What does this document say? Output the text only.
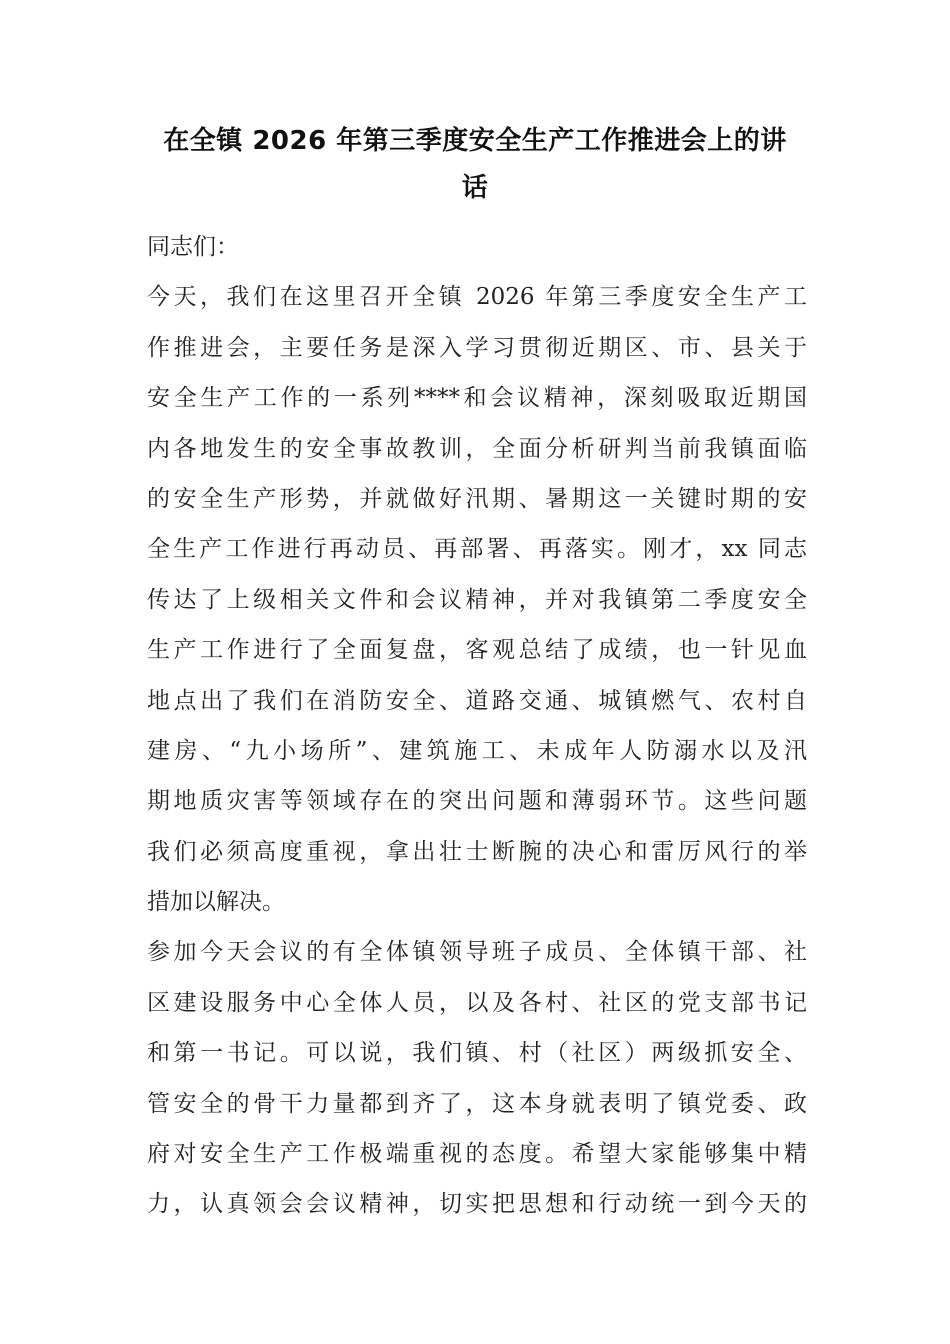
在全镇 2026 年第三季度安全生产工作推进会上的讲
话
同志们：
今天，我们在这里召开全镇 2026 年第三季度安全生产工
作推进会，主要任务是深入学习贯彻近期区、市、县关于
安全生产工作的一系列****和会议精神，深刻吸取近期国
内各地发生的安全事故教训，全面分析研判当前我镇面临
的安全生产形势，并就做好汛期、暑期这一关键时期的安
全生产工作进行再动员、再部署、再落实。刚才，xx 同志
传达了上级相关文件和会议精神，并对我镇第二季度安全
生产工作进行了全面复盘，客观总结了成绩，也一针见血
地点出了我们在消防安全、道路交通、城镇燃气、农村自
建房、“九小场所”、建筑施工、未成年人防溺水以及汛
期地质灾害等领域存在的突出问题和薄弱环节。这些问题
我们必须高度重视，拿出壮士断腕的决心和雷厉风行的举
措加以解决。
参加今天会议的有全体镇领导班子成员、全体镇干部、社
区建设服务中心全体人员，以及各村、社区的党支部书记
和第一书记。可以说，我们镇、村（社区）两级抓安全、
管安全的骨干力量都到齐了，这本身就表明了镇党委、政
府对安全生产工作极端重视的态度。希望大家能够集中精
力，认真领会会议精神，切实把思想和行动统一到今天的
